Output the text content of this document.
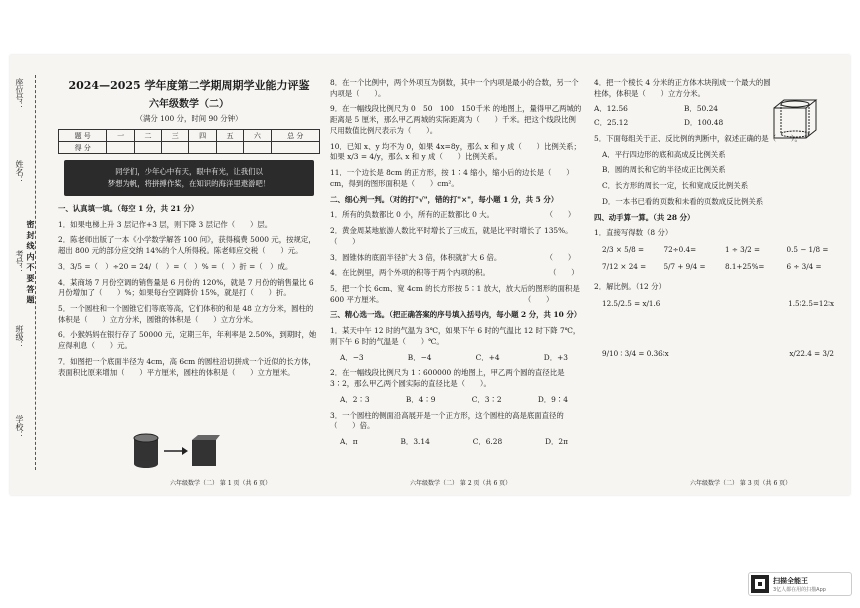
座位号：
姓名：
考号：
班级：
学校：
密 封 线 内 不 要 答 题
2024—2025 学年度第二学期周期学业能力评鉴
六年级数学（二）
（满分 100 分，时间 90 分钟）
题 号	一	二	三	四	五	六	总 分
得 分							
同学们，少年心中有天，眼中有光，让我们以
梦想为帆，将拼搏作桨，在知识的海洋里遨游吧！

一、认真填一填。（每空 1 分，共 21 分）

1．如果电梯上升 3 层记作+3 层，则下降 3 层记作（　　）层。

2．陈老师出版了一本《小学数学解答 100 问》，获得稿费 5000 元，按规定，超出 800 元的部分应交纳 14%的个人所得税。陈老师应交税（　　）元。

3．3/5 =（　）÷20 = 24/（　）=（　）% =（　）折 =（　）成。

4．某商场 7 月份空调的销售量是 6 月份的 120%，就是 7 月份的销售量比 6 月份增加了（　　）%；如果每台空调降价 15%，就是打（　　）折。

5．一个圆柱和一个圆锥它们等底等高，它们体积的和是 48 立方分米，圆柱的体积是（　　）立方分米，圆锥的体积是（　　）立方分米。

6．小猴妈妈在银行存了 50000 元，定期三年，年利率是 2.50%，到期时，她应得利息（　　）元。

7．如图把一个底面半径为 4cm，高 6cm 的圆柱沿切拼成一个近似的长方体，表面积比原来增加（　　）平方厘米，圆柱的体积是（　　）立方厘米。

六年级数学（二） 第 1 页（共 6 页）

8．在一个比例中，两个外项互为倒数，其中一个内项是最小的合数，另一个内项是（　　）。

9．在一幅线段比例尺为 0　50　100　150千米 的地图上，量得甲乙两城的距离是 5 厘米，那么甲乙两城的实际距离为（　　）千米。把这个线段比例尺用数值比例尺表示为（　　）。

10．已知 x、y 均不为 0，如果 4x=8y，那么 x 和 y 成（　　）比例关系；如果 x/3 = 4/y，那么 x 和 y 成（　　）比例关系。

11．一个边长是 8cm 的正方形，按 1∶4 缩小，缩小后的边长是（　　）cm，得到的图形面积是（　　）cm²。

二、细心判一判。（对的打"√"，错的打"×"，每小题 1 分，共 5 分）

1．所有的负数都比 0 小，所有的正数都比 0 大。　　　　　　　　（　　）

2．黄金周某地旅游人数比平时增长了三成五，就是比平时增长了 135%。（　　）

3．圆锥体的底面半径扩大 3 倍，体积就扩大 6 倍。　　　　　　　（　　）

4．在比例里，两个外项的积等于两个内项的积。　　　　　　　　　（　　）

5．把一个长 6cm、宽 4cm 的长方形按 5∶1 放大，放大后的图形的面积是 600 平方厘米。　　　　　　　　　　　　　　　　　　　　（　　）

三、精心选一选。（把正确答案的序号填入括号内，每小题 2 分，共 10 分）

1．某天中午 12 时的气温为 3℃，如果下午 6 时的气温比 12 时下降 7℃，则下午 6 时的气温是（　　）℃。

A．−3	B．−4	C．+4	D．+3

2．在一幅线段比例尺为 1∶600000 的地图上，甲乙两个圆的直径比是 3∶2，那么甲乙两个圆实际的直径比是（　　）。

A．2∶3	B．4∶9	C．3∶2	D．9∶4

3．一个圆柱的侧面沿高展开是一个正方形，这个圆柱的高是底面直径的（　　）倍。

A．π	B．3.14	C．6.28	D．2π

六年级数学（二） 第 2 页（共 6 页）

4．把一个棱长 4 分米的正方体木块削成一个最大的圆柱体，体积是（　　）立方分米。

A．12.56	B．50.24
C．25.12	D．100.48

5．下面每组关于正、反比例的判断中，叙述正确的是（　　）。

A．平行四边形的底和高成反比例关系

B．圆的周长和它的半径成正比例关系

C．长方形的周长一定，长和宽成反比例关系

D．一本书已看的页数和未看的页数成反比例关系

四、动手算一算。（共 28 分）

1．直接写得数（8 分）

2/3 × 5/8 =	72÷0.4=	1 ÷ 3/2 =	0.5 − 1/8 =
7/12 × 24 =	5/7 + 9/4 =	8.1+25%=	6 ÷ 3/4 =

2．解比例。（12 分）

12.5/2.5 = x/1.6	1.5∶2.5=12∶x
9/10 ∶ 3/4 = 0.36∶x	x/22.4 = 3/2
六年级数学（二） 第 3 页（共 6 页）
扫描全能王
3亿人都在用的扫描App
